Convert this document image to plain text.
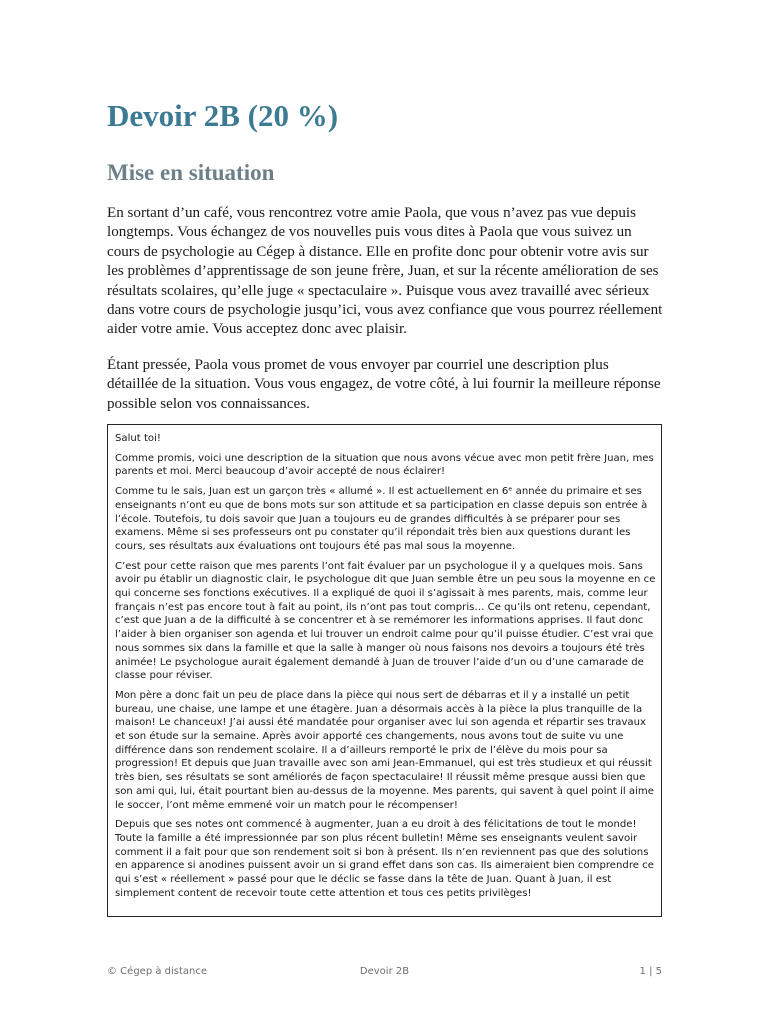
Devoir 2B (20 %)
Mise en situation

En sortant d’un café, vous rencontrez votre amie Paola, que vous n’avez pas vue depuis longtemps. Vous échangez de vos nouvelles puis vous dites à Paola que vous suivez un cours de psychologie au Cégep à distance. Elle en profite donc pour obtenir votre avis sur les problèmes d’apprentissage de son jeune frère, Juan, et sur la récente amélioration de ses résultats scolaires, qu’elle juge « spectaculaire ». Puisque vous avez travaillé avec sérieux dans votre cours de psychologie jusqu’ici, vous avez confiance que vous pourrez réellement aider votre amie. Vous acceptez donc avec plaisir.

Étant pressée, Paola vous promet de vous envoyer par courriel une description plus détaillée de la situation. Vous vous engagez, de votre côté, à lui fournir la meilleure réponse possible selon vos connaissances.

Salut toi!

Comme promis, voici une description de la situation que nous avons vécue avec mon petit frère Juan, mes parents et moi. Merci beaucoup d’avoir accepté de nous éclairer!

Comme tu le sais, Juan est un garçon très « allumé ». Il est actuellement en 6ᵉ année du primaire et ses enseignants n’ont eu que de bons mots sur son attitude et sa participation en classe depuis son entrée à l’école. Toutefois, tu dois savoir que Juan a toujours eu de grandes difficultés à se préparer pour ses examens. Même si ses professeurs ont pu constater qu’il répondait très bien aux questions durant les cours, ses résultats aux évaluations ont toujours été pas mal sous la moyenne.

C’est pour cette raison que mes parents l’ont fait évaluer par un psychologue il y a quelques mois. Sans avoir pu établir un diagnostic clair, le psychologue dit que Juan semble être un peu sous la moyenne en ce qui concerne ses fonctions exécutives. Il a expliqué de quoi il s’agissait à mes parents, mais, comme leur français n’est pas encore tout à fait au point, ils n’ont pas tout compris… Ce qu’ils ont retenu, cependant, c’est que Juan a de la difficulté à se concentrer et à se remémorer les informations apprises. Il faut donc l’aider à bien organiser son agenda et lui trouver un endroit calme pour qu’il puisse étudier. C’est vrai que nous sommes six dans la famille et que la salle à manger où nous faisons nos devoirs a toujours été très animée! Le psychologue aurait également demandé à Juan de trouver l’aide d’un ou d’une camarade de classe pour réviser.

Mon père a donc fait un peu de place dans la pièce qui nous sert de débarras et il y a installé un petit bureau, une chaise, une lampe et une étagère. Juan a désormais accès à la pièce la plus tranquille de la maison! Le chanceux! J’ai aussi été mandatée pour organiser avec lui son agenda et répartir ses travaux et son étude sur la semaine. Après avoir apporté ces changements, nous avons tout de suite vu une différence dans son rendement scolaire. Il a d’ailleurs remporté le prix de l’élève du mois pour sa progression! Et depuis que Juan travaille avec son ami Jean-Emmanuel, qui est très studieux et qui réussit très bien, ses résultats se sont améliorés de façon spectaculaire! Il réussit même presque aussi bien que son ami qui, lui, était pourtant bien au-dessus de la moyenne. Mes parents, qui savent à quel point il aime le soccer, l’ont même emmené voir un match pour le récompenser!

Depuis que ses notes ont commencé à augmenter, Juan a eu droit à des félicitations de tout le monde! Toute la famille a été impressionnée par son plus récent bulletin! Même ses enseignants veulent savoir comment il a fait pour que son rendement soit si bon à présent. Ils n’en reviennent pas que des solutions en apparence si anodines puissent avoir un si grand effet dans son cas. Ils aimeraient bien comprendre ce qui s’est « réellement » passé pour que le déclic se fasse dans la tête de Juan. Quant à Juan, il est simplement content de recevoir toute cette attention et tous ces petits privilèges!

© Cégep à distance	Devoir 2B	1 | 5
